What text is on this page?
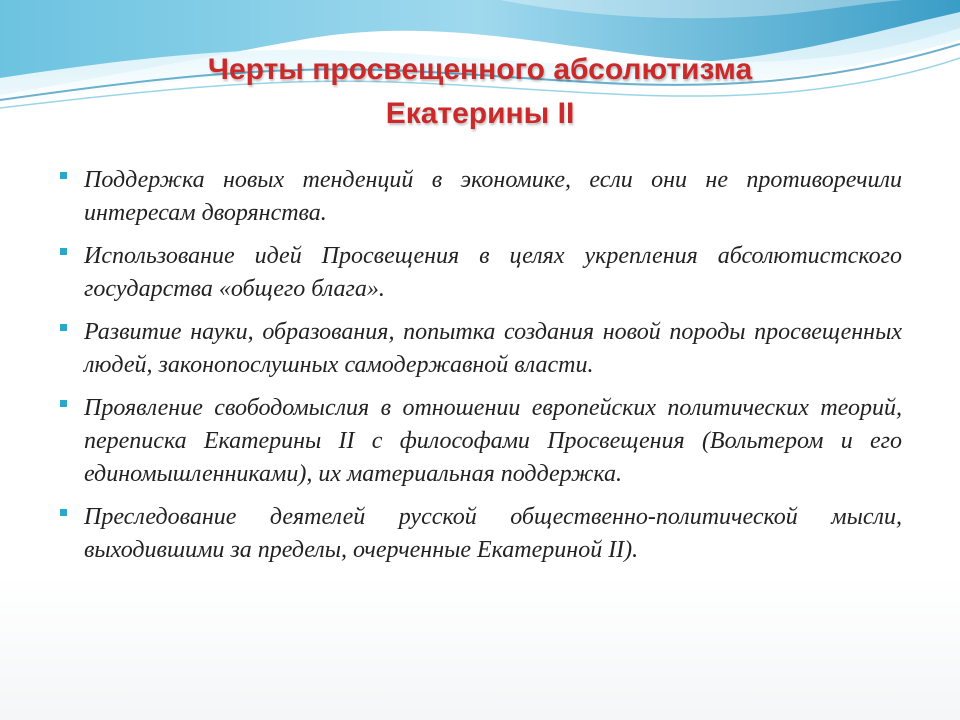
Черты просвещенного абсолютизма
Екатерины II
Поддержка новых тенденций в экономике, если они не противоречили интересам дворянства.
Использование идей Просвещения в целях укрепления абсолютистского государства «общего блага».
Развитие науки, образования, попытка создания новой породы просвещенных людей, законопослушных самодержавной власти.
Проявление свободомыслия в отношении европейских политических теорий, переписка Екатерины II с философами Просвещения (Вольтером и его единомышленниками), их материальная поддержка.
Преследование деятелей русской общественно-политической мысли, выходившими за пределы, очерченные Екатериной II).
